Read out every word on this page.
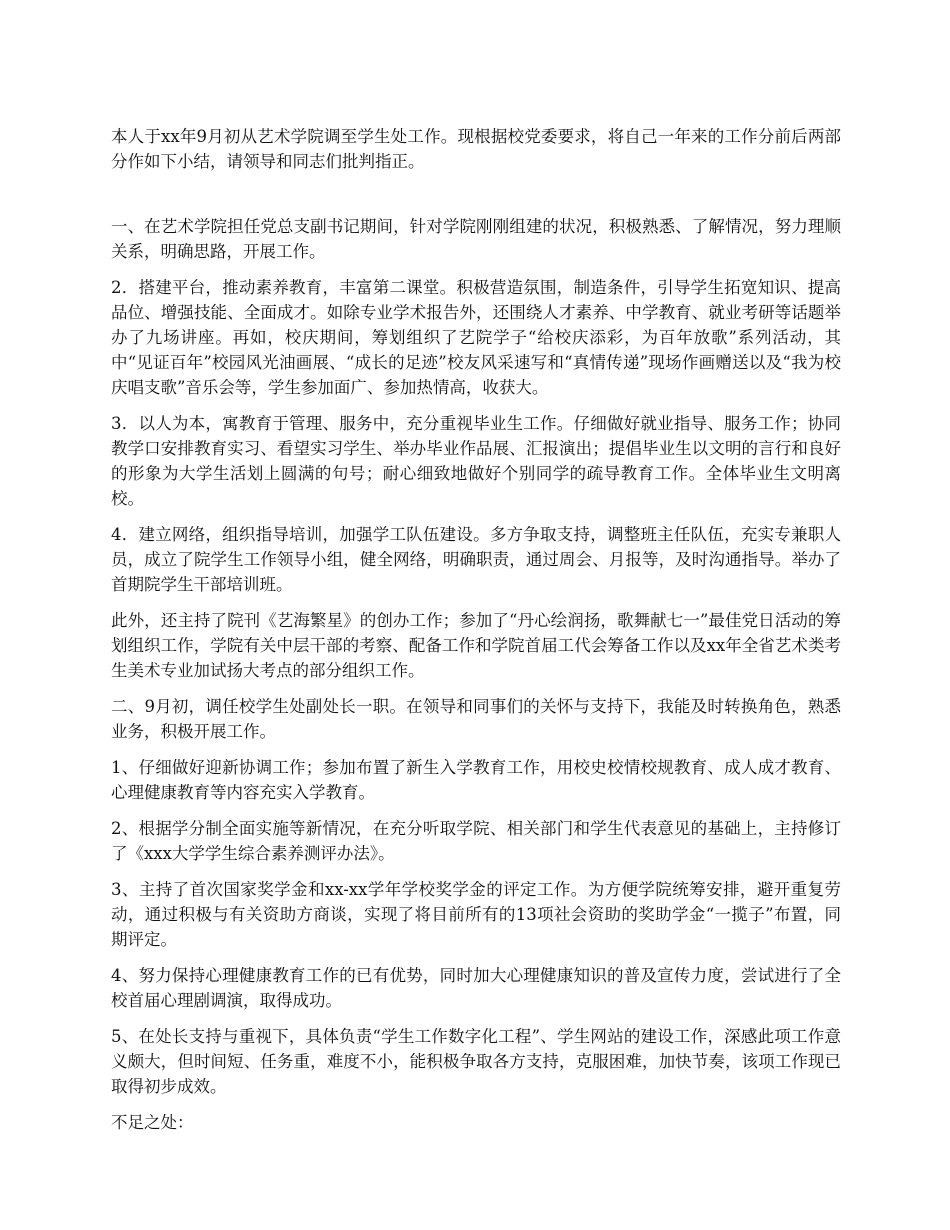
本人于xx年9月初从艺术学院调至学生处工作。现根据校党委要求，将自己一年来的工作分前后两部分作如下小结，请领导和同志们批判指正。

一、在艺术学院担任党总支副书记期间，针对学院刚刚组建的状况，积极熟悉、了解情况，努力理顺关系，明确思路，开展工作。

2．搭建平台，推动素养教育，丰富第二课堂。积极营造氛围，制造条件，引导学生拓宽知识、提高品位、增强技能、全面成才。如除专业学术报告外，还围绕人才素养、中学教育、就业考研等话题举办了九场讲座。再如，校庆期间，筹划组织了艺院学子“给校庆添彩，为百年放歌”系列活动，其中“见证百年”校园风光油画展、“成长的足迹”校友风采速写和“真情传递”现场作画赠送以及“我为校庆唱支歌”音乐会等，学生参加面广、参加热情高，收获大。

3．以人为本，寓教育于管理、服务中，充分重视毕业生工作。仔细做好就业指导、服务工作；协同教学口安排教育实习、看望实习学生、举办毕业作品展、汇报演出；提倡毕业生以文明的言行和良好的形象为大学生活划上圆满的句号；耐心细致地做好个别同学的疏导教育工作。全体毕业生文明离校。

4．建立网络，组织指导培训，加强学工队伍建设。多方争取支持，调整班主任队伍，充实专兼职人员，成立了院学生工作领导小组，健全网络，明确职责，通过周会、月报等，及时沟通指导。举办了首期院学生干部培训班。

此外，还主持了院刊《艺海繁星》的创办工作；参加了“丹心绘润扬，歌舞献七一”最佳党日活动的筹划组织工作，学院有关中层干部的考察、配备工作和学院首届工代会筹备工作以及xx年全省艺术类考生美术专业加试扬大考点的部分组织工作。

二、9月初，调任校学生处副处长一职。在领导和同事们的关怀与支持下，我能及时转换角色，熟悉业务，积极开展工作。

1、仔细做好迎新协调工作；参加布置了新生入学教育工作，用校史校情校规教育、成人成才教育、心理健康教育等内容充实入学教育。

2、根据学分制全面实施等新情况，在充分听取学院、相关部门和学生代表意见的基础上，主持修订了《xxx大学学生综合素养测评办法》。

3、主持了首次国家奖学金和xx-xx学年学校奖学金的评定工作。为方便学院统筹安排，避开重复劳动，通过积极与有关资助方商谈，实现了将目前所有的13项社会资助的奖助学金“一揽子”布置，同期评定。

4、努力保持心理健康教育工作的已有优势，同时加大心理健康知识的普及宣传力度，尝试进行了全校首届心理剧调演，取得成功。

5、在处长支持与重视下，具体负责“学生工作数字化工程”、学生网站的建设工作，深感此项工作意义颇大，但时间短、任务重，难度不小，能积极争取各方支持，克服困难，加快节奏，该项工作现已取得初步成效。

不足之处：
